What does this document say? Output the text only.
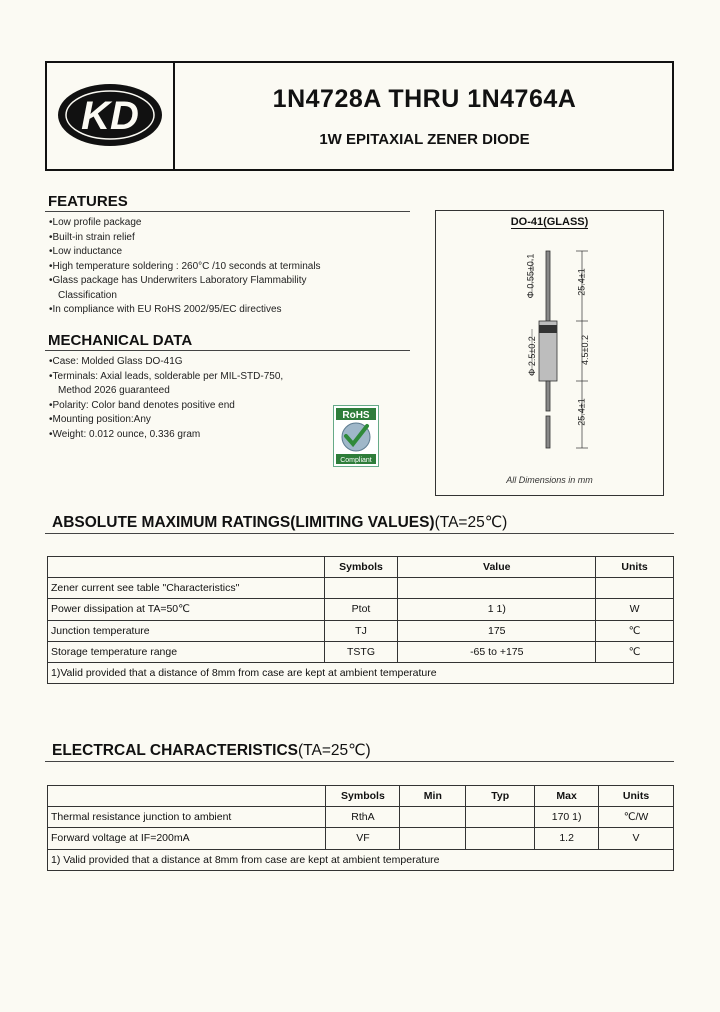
KD	1N4728A THRU 1N4764A
1W EPITAXIAL ZENER DIODE
FEATURES
• Low profile package
• Built-in strain relief
• Low inductance
• High temperature soldering : 260°C /10 seconds at terminals
• Glass package has Underwriters Laboratory Flammability
Classification
• In compliance with EU RoHS 2002/95/EC directives
MECHANICAL DATA
• Case: Molded Glass DO-41G
• Terminals: Axial leads, solderable per MIL-STD-750,
Method 2026 guaranteed
• Polarity: Color band denotes positive end
• Mounting position:Any
• Weight: 0.012 ounce, 0.336 gram
RoHS
Compliant
DO-41(GLASS)
Φ 0.55±0.1
Φ 2.5±0.2
25.4±1
4.5±0.2
25.4±1
All Dimensions in mm
ABSOLUTE MAXIMUM RATINGS(LIMITING VALUES)(TA=25℃)
	Symbols	Value	Units
Zener current see table "Characteristics"			
Power dissipation at TA=50℃	Ptot	1 1)	W
Junction temperature	TJ	175	℃
Storage temperature range	TSTG	-65 to +175	℃
1)Valid provided that a distance of 8mm from case are kept at ambient temperature			
ELECTRCAL CHARACTERISTICS(TA=25℃)
	Symbols	Min	Typ	Max	Units
Thermal resistance junction to ambient	RthA			170 1)	℃/W
Forward voltage at IF=200mA	VF			1.2	V
1) Valid provided that a distance at 8mm from case are kept at ambient temperature					
